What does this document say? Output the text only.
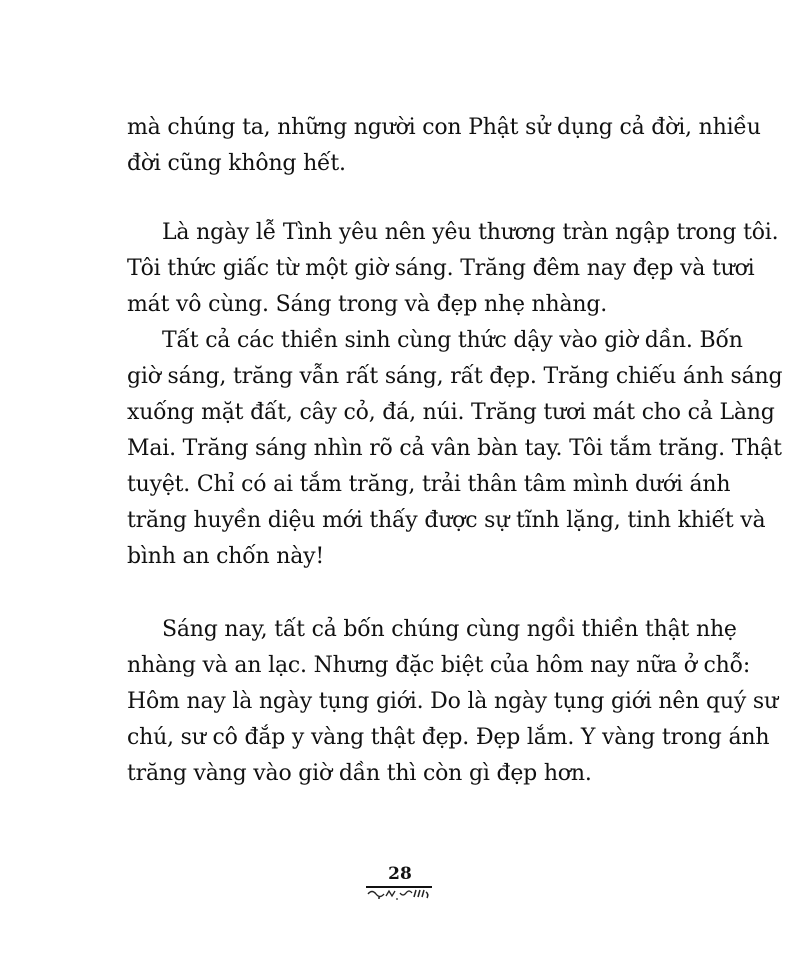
mà chúng ta, những người con Phật sử dụng cả đời, nhiều
đời cũng không hết.
Là ngày lễ Tình yêu nên yêu thương tràn ngập trong tôi.
Tôi thức giấc từ một giờ sáng. Trăng đêm nay đẹp và tươi
mát vô cùng. Sáng trong và đẹp nhẹ nhàng.
Tất cả các thiền sinh cùng thức dậy vào giờ dần. Bốn
giờ sáng, trăng vẫn rất sáng, rất đẹp. Trăng chiếu ánh sáng
xuống mặt đất, cây cỏ, đá, núi. Trăng tươi mát cho cả Làng
Mai. Trăng sáng nhìn rõ cả vân bàn tay. Tôi tắm trăng. Thật
tuyệt. Chỉ có ai tắm trăng, trải thân tâm mình dưới ánh
trăng huyền diệu mới thấy được sự tĩnh lặng, tinh khiết và
bình an chốn này!
Sáng nay, tất cả bốn chúng cùng ngồi thiền thật nhẹ
nhàng và an lạc. Nhưng đặc biệt của hôm nay nữa ở chỗ:
Hôm nay là ngày tụng giới. Do là ngày tụng giới nên quý sư
chú, sư cô đắp y vàng thật đẹp. Đẹp lắm. Y vàng trong ánh
trăng vàng vào giờ dần thì còn gì đẹp hơn.
28
